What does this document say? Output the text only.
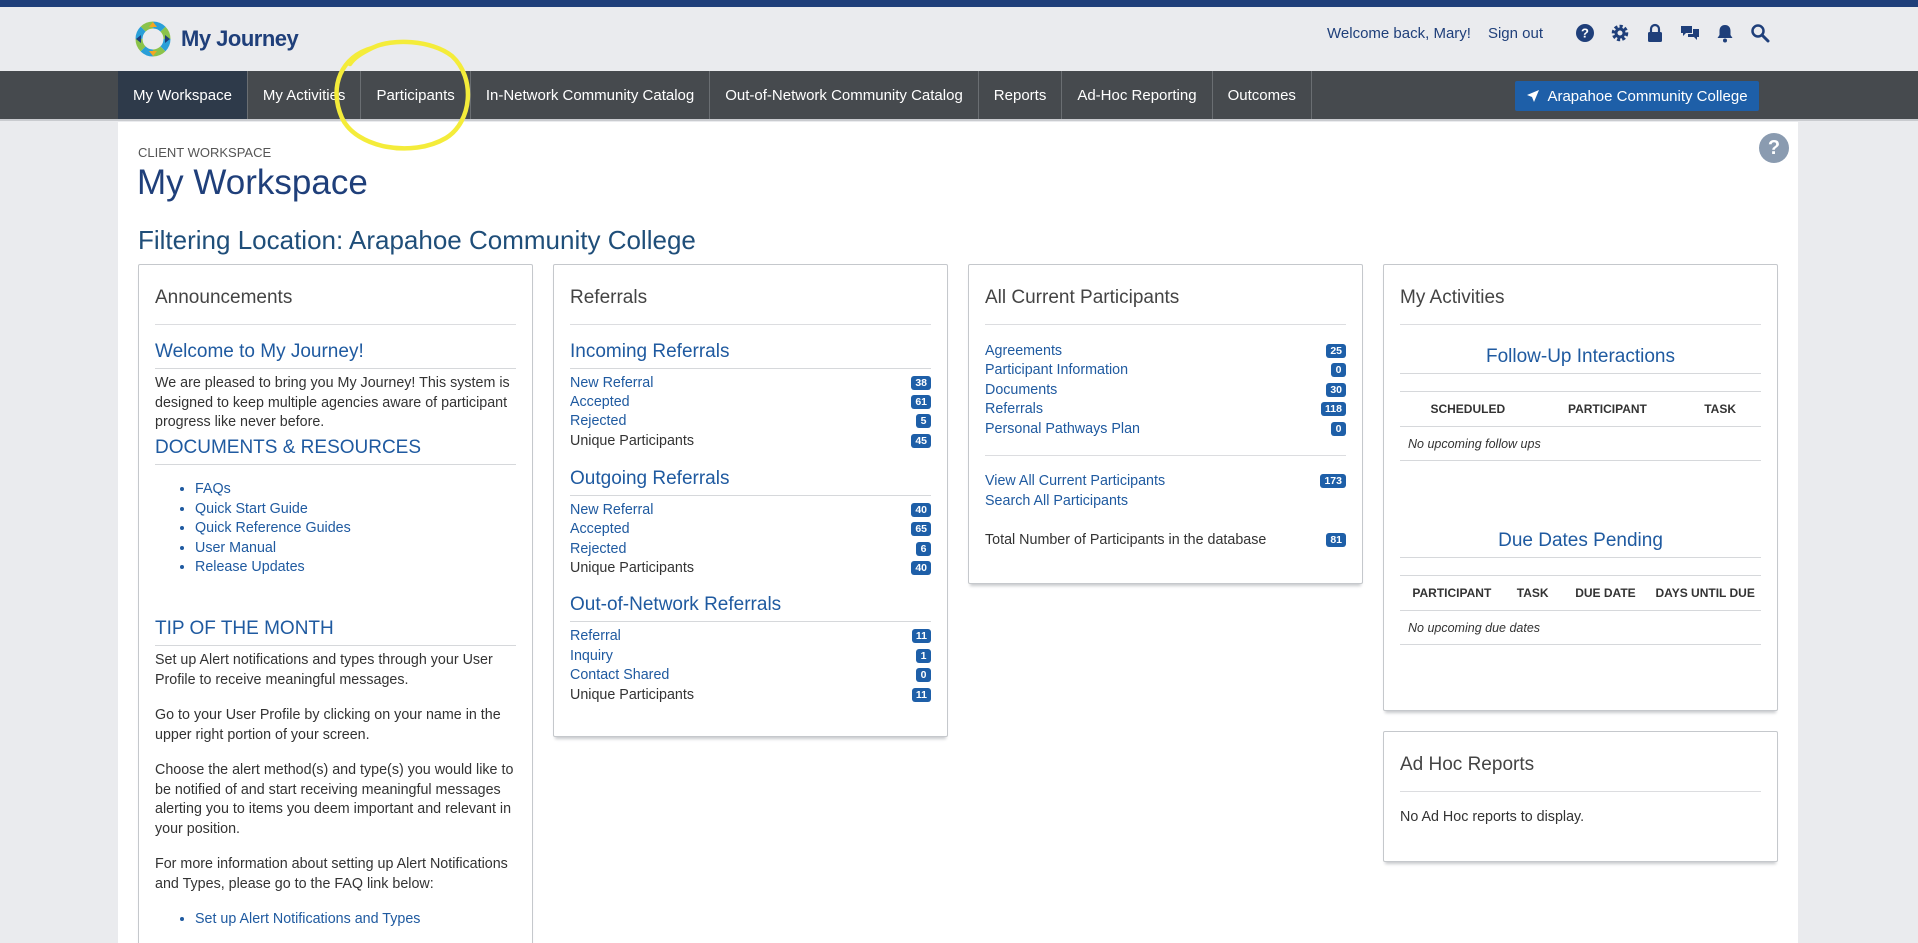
My Journey	Welcome back, Mary! Sign out	?
My Workspace	My Activities	Participants	In-Network Community Catalog	Out-of-Network Community Catalog	Reports	Ad-Hoc Reporting	Outcomes	Arapahoe Community College
?
CLIENT WORKSPACE
My Workspace
Filtering Location: Arapahoe Community College
Announcements
Welcome to My Journey!
We are pleased to bring you My Journey! This system is designed to keep multiple agencies aware of participant progress like never before.
DOCUMENTS & RESOURCES
• FAQs
• Quick Start Guide
• Quick Reference Guides
• User Manual
• Release Updates
TIP OF THE MONTH
Set up Alert notifications and types through your User Profile to receive meaningful messages.
Go to your User Profile by clicking on your name in the upper right portion of your screen.
Choose the alert method(s) and type(s) you would like to be notified of and start receiving meaningful messages alerting you to items you deem important and relevant in your position.
For more information about setting up Alert Notifications and Types, please go to the FAQ link below:
• Set up Alert Notifications and Types
Referrals
Incoming Referrals
New Referral	38
Accepted	61
Rejected	5
Unique Participants	45
Outgoing Referrals
New Referral	40
Accepted	65
Rejected	6
Unique Participants	40
Out-of-Network Referrals
Referral	11
Inquiry	1
Contact Shared	0
Unique Participants	11
All Current Participants
Agreements	25
Participant Information	0
Documents	30
Referrals	118
Personal Pathways Plan	0
View All Current Participants	173
Search All Participants
Total Number of Participants in the database	81
My Activities
Follow-Up Interactions
SCHEDULED	PARTICIPANT	TASK
No upcoming follow ups
Due Dates Pending
PARTICIPANT	TASK	DUE DATE	DAYS UNTIL DUE
No upcoming due dates
Ad Hoc Reports
No Ad Hoc reports to display.
